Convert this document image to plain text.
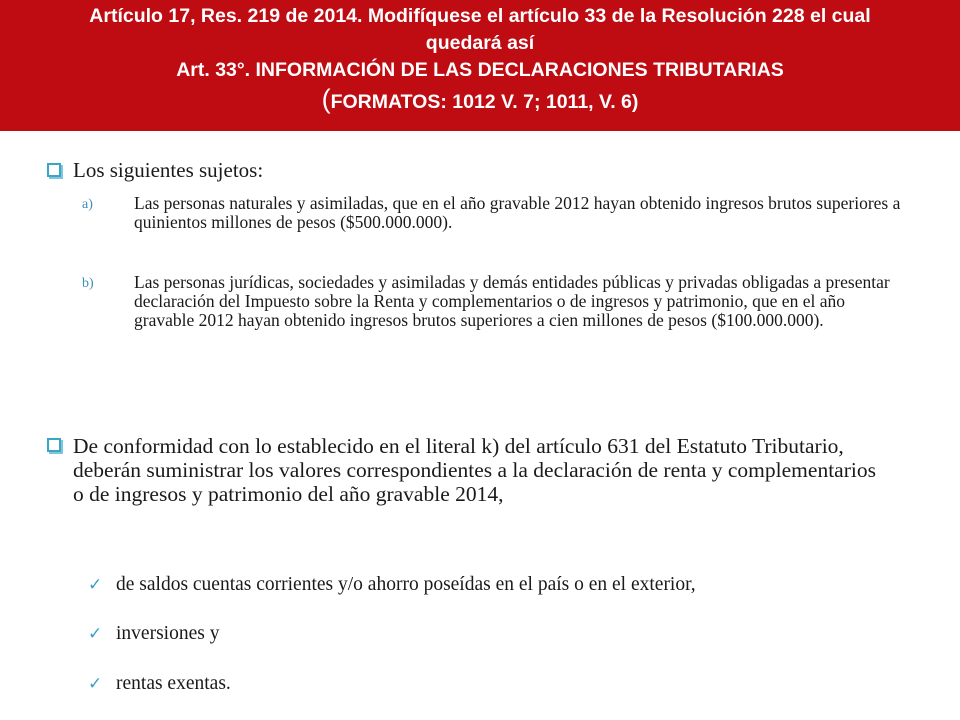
Artículo 17, Res. 219 de 2014. Modifíquese el artículo 33 de la Resolución 228 el cual
quedará así
Art. 33°. INFORMACIÓN DE LAS DECLARACIONES TRIBUTARIAS
(FORMATOS: 1012 V. 7; 1011, V. 6)
Los siguientes sujetos:
a) Las personas naturales y asimiladas, que en el año gravable 2012 hayan obtenido ingresos brutos superiores a quinientos millones de pesos ($500.000.000).
b) Las personas jurídicas, sociedades y asimiladas y demás entidades públicas y privadas obligadas a presentar declaración del Impuesto sobre la Renta y complementarios o de ingresos y patrimonio, que en el año gravable 2012 hayan obtenido ingresos brutos superiores a cien millones de pesos ($100.000.000).
De conformidad con lo establecido en el literal k) del artículo 631 del Estatuto Tributario, deberán suministrar los valores correspondientes a la declaración de renta y complementarios o de ingresos y patrimonio del año gravable 2014,
✓ de saldos cuentas corrientes y/o ahorro poseídas en el país o en el exterior,
✓ inversiones y
✓ rentas exentas.
